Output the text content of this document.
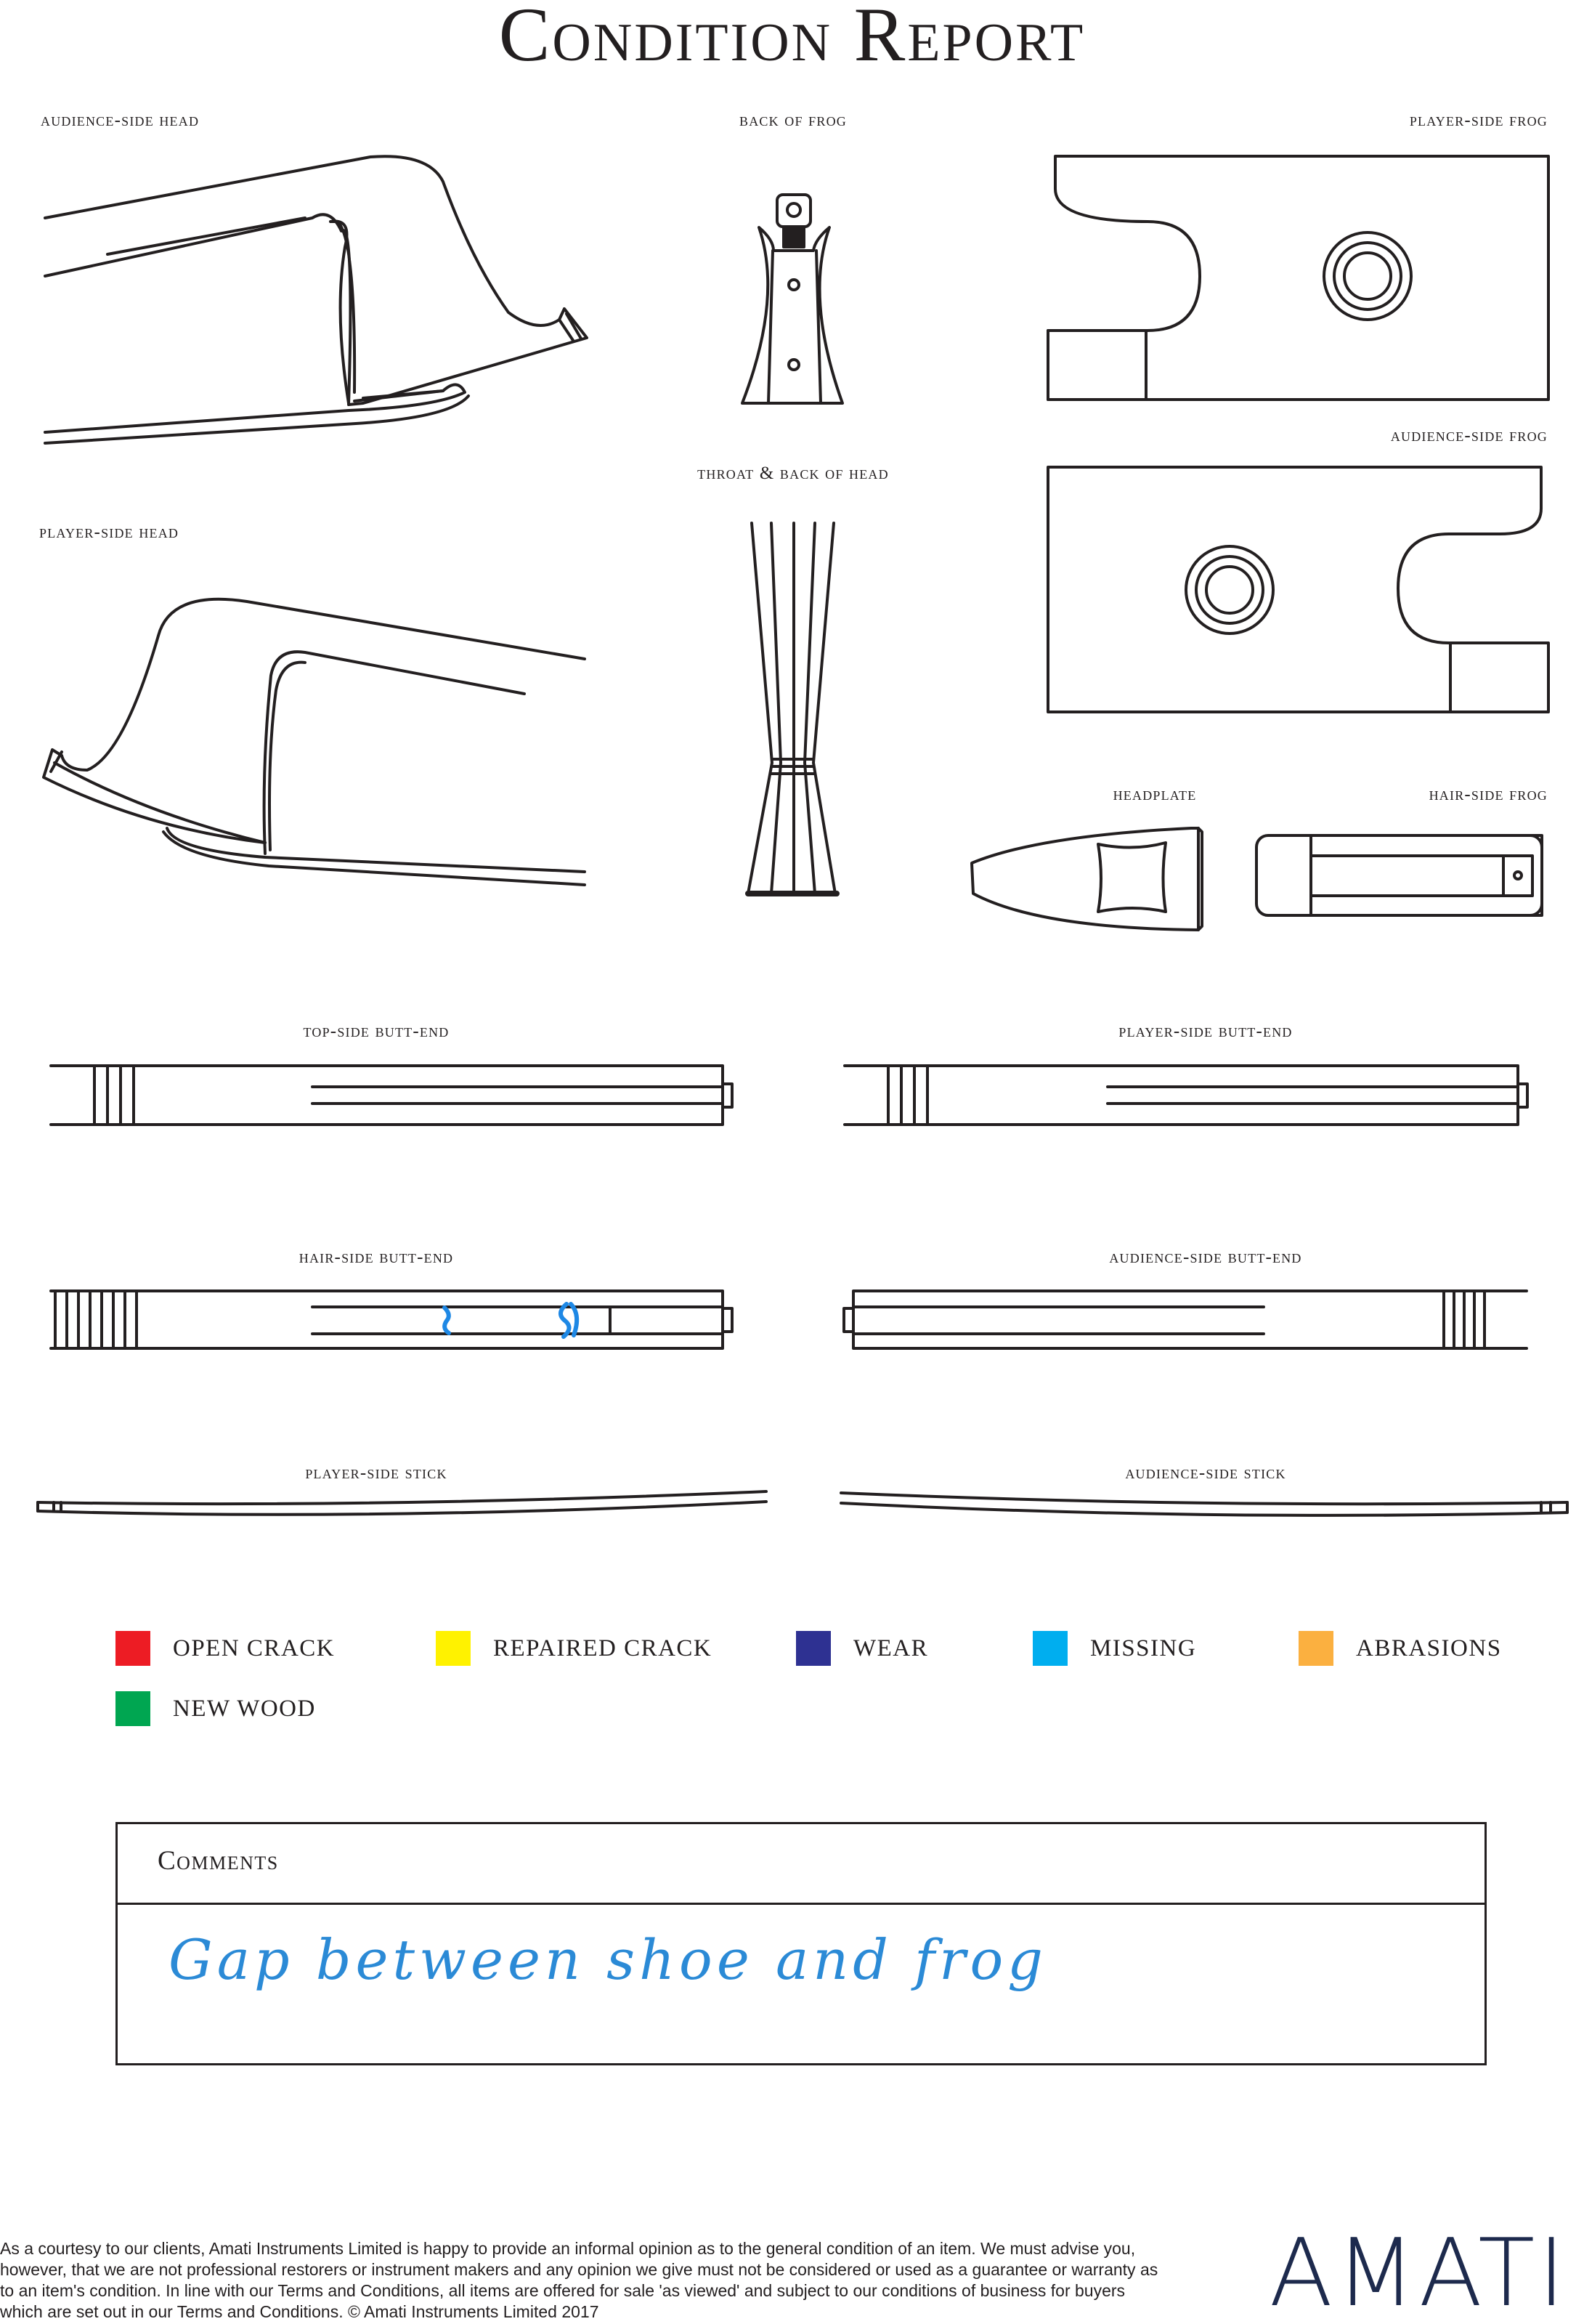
Condition Report
audience-side head	back of frog	player-side frog
audience-side frog
throat & back of head
player-side head
headplate	hair-side frog
top-side butt-end	player-side butt-end
hair-side butt-end	audience-side butt-end
player-side stick	audience-side stick
OPEN CRACK	REPAIRED CRACK	WEAR	MISSING	ABRASIONS
NEW WOOD
Comments
Gap between shoe and frog
As a courtesy to our clients, Amati Instruments Limited is happy to provide an informal opinion as to the general condition of an item. We must advise you, however, that we are not professional restorers or instrument makers and any opinion we give must not be considered or used as a guarantee or warranty as to an item's condition. In line with our Terms and Conditions, all items are offered for sale 'as viewed' and subject to our conditions of business for buyers which are set out in our Terms and Conditions. © Amati Instruments Limited 2017	AMATI
